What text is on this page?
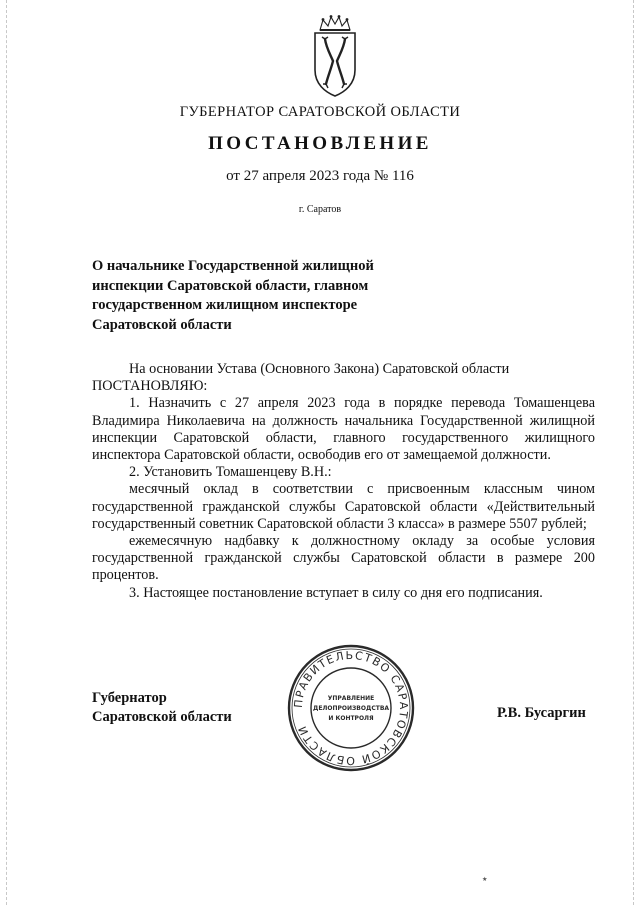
ГУБЕРНАТОР САРАТОВСКОЙ ОБЛАСТИ
ПОСТАНОВЛЕНИЕ
от 27 апреля 2023 года № 116
г. Саратов
О начальнике Государственной жилищной инспекции Саратовской области, главном государственном жилищном инспекторе Саратовской области

На основании Устава (Основного Закона) Саратовской области

ПОСТАНОВЛЯЮ:

1. Назначить с 27 апреля 2023 года в порядке перевода Томашенцева Владимира Николаевича на должность начальника Государственной жилищной инспекции Саратовской области, главного государственного жилищного инспектора Саратовской области, освободив его от замещаемой должности.

2. Установить Томашенцеву В.Н.:

месячный оклад в соответствии с присвоенным классным чином государственной гражданской службы Саратовской области «Действительный государственный советник Саратовской области 3 класса» в размере 5507 рублей;

ежемесячную надбавку к должностному окладу за особые условия государственной гражданской службы Саратовской области в размере 200 процентов.

3. Настоящее постановление вступает в силу со дня его подписания.

Губернатор
Саратовской области
ПРАВИТЕЛЬСТВО САРАТОВСКОЙ ОБЛАСТИ
УПРАВЛЕНИЕ
ДЕЛОПРОИЗВОДСТВА
И КОНТРОЛЯ	Р.В. Бусаргин
٭
